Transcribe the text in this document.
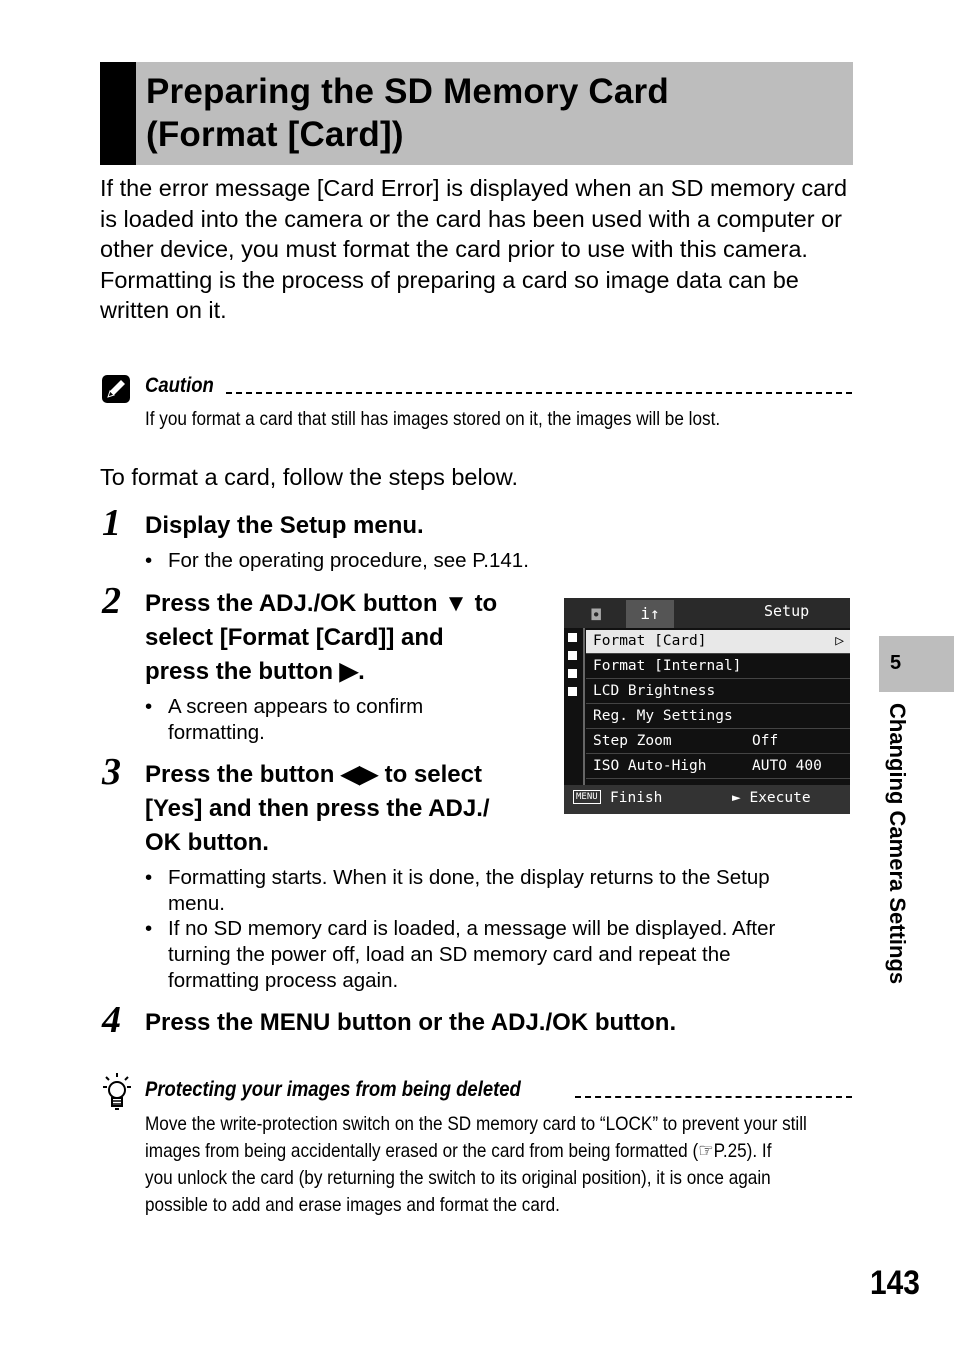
Preparing the SD Memory Card
(Format [Card])

If the error message [Card Error] is displayed when an SD memory card is loaded into the camera or the card has been used with a computer or other device, you must format the card prior to use with this camera.

Formatting is the process of preparing a card so image data can be written on it.

Caution

If you format a card that still has images stored on it, the images will be lost.

To format a card, follow the steps below.
1 Display the Setup menu.
• For the operating procedure, see P.141.
2 Press the ADJ./OK button ▼ to
select [Format [Card]] and
press the button ▶.
• A screen appears to confirm
formatting.
3 Press the button ◀▶ to select
[Yes] and then press the ADJ./
OK button.
• Formatting starts. When it is done, the display returns to the Setup
menu.
• If no SD memory card is loaded, a message will be displayed. After
turning the power off, load an SD memory card and repeat the
formatting process again.
4 Press the MENU button or the ADJ./OK button.
◘	i↑	Setup
Format [Card]	▷
Format [Internal]
LCD Brightness
Reg. My Settings
Step Zoom	Off
ISO Auto-High	AUTO 400
MENU Finish	► Execute
Protecting your images from being deleted

Move the write-protection switch on the SD memory card to “LOCK” to prevent your still

images from being accidentally erased or the card from being formatted (☞P.25). If

you unlock the card (by returning the switch to its original position), it is once again

possible to add and erase images and format the card.

5
Changing Camera Settings
143
